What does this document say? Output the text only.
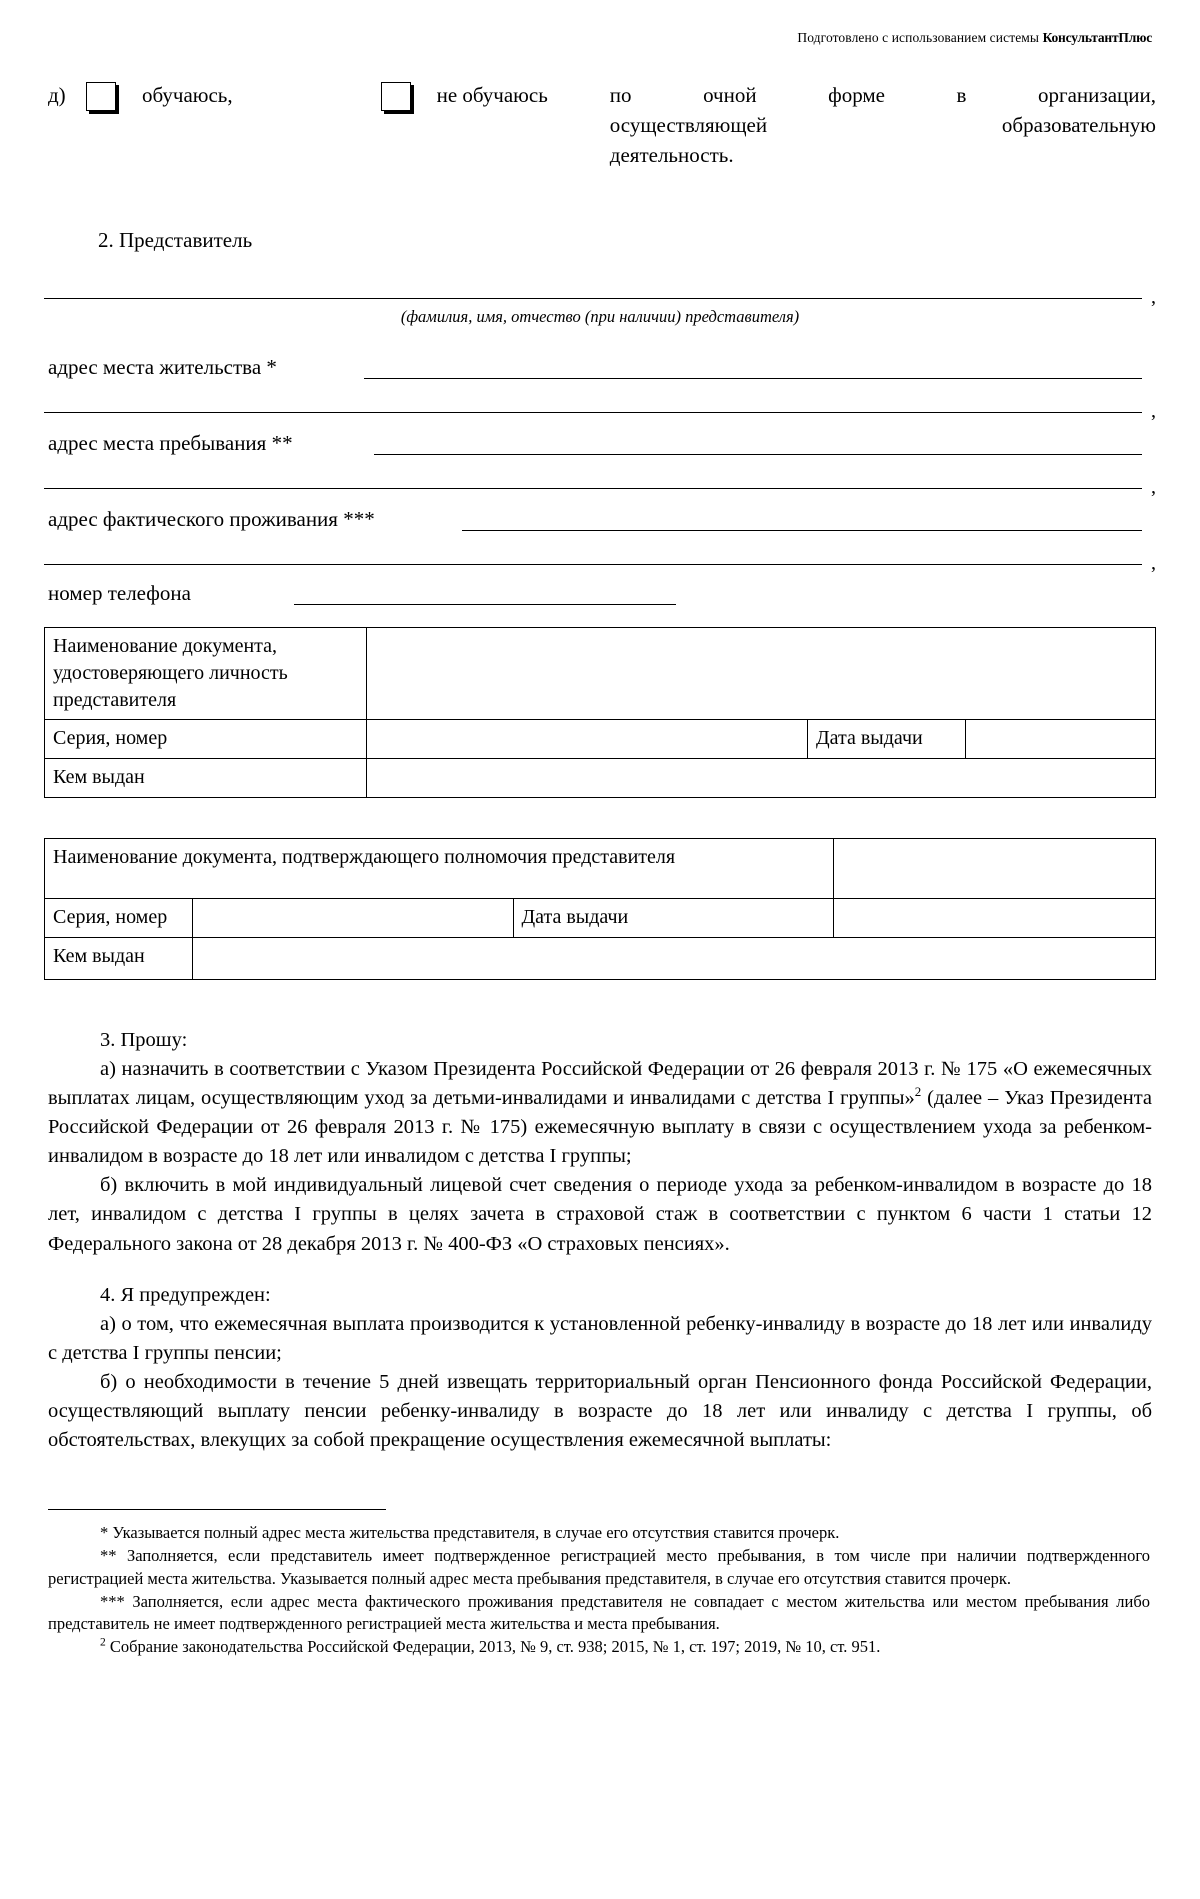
Подготовлено с использованием системы КонсультантПлюс
д)	обучаюсь,	не обучаюсь	по очной форме в организации,
осуществляющей образовательную
деятельность.
2. Представитель
,
(фамилия, имя, отчество (при наличии) представителя)
адрес места жительства *
,
адрес места пребывания **
,
адрес фактического проживания ***
,
номер телефона
Наименование документа, удостоверяющего личность представителя			
Серия, номер		Дата выдачи	
Кем выдан			
Наименование документа, подтверждающего полномочия представителя			
Серия, номер		Дата выдачи	
Кем выдан			

3. Прошу:

а) назначить в соответствии с Указом Президента Российской Федерации от 26 февраля 2013 г. № 175 «О ежемесячных выплатах лицам, осуществляющим уход за детьми-инвалидами и инвалидами с детства I группы»$^2$ (далее – Указ Президента Российской Федерации от 26 февраля 2013 г. № 175) ежемесячную выплату в связи с осуществлением ухода за ребенком-инвалидом в возрасте до 18 лет или инвалидом с детства I группы;

б) включить в мой индивидуальный лицевой счет сведения о периоде ухода за ребенком-инвалидом в возрасте до 18 лет, инвалидом с детства I группы в целях зачета в страховой стаж в соответствии с пунктом 6 части 1 статьи 12 Федерального закона от 28 декабря 2013 г. № 400-ФЗ «О страховых пенсиях».

4. Я предупрежден:

а) о том, что ежемесячная выплата производится к установленной ребенку-инвалиду в возрасте до 18 лет или инвалиду с детства I группы пенсии;

б) о необходимости в течение 5 дней извещать территориальный орган Пенсионного фонда Российской Федерации, осуществляющий выплату пенсии ребенку-инвалиду в возрасте до 18 лет или инвалиду с детства I группы, об обстоятельствах, влекущих за собой прекращение осуществления ежемесячной выплаты:

* Указывается полный адрес места жительства представителя, в случае его отсутствия ставится прочерк.

** Заполняется, если представитель имеет подтвержденное регистрацией место пребывания, в том числе при наличии подтвержденного регистрацией места жительства. Указывается полный адрес места пребывания представителя, в случае его отсутствия ставится прочерк.

*** Заполняется, если адрес места фактического проживания представителя не совпадает с местом жительства или местом пребывания либо представитель не имеет подтвержденного регистрацией места жительства и места пребывания.

$^2$ Собрание законодательства Российской Федерации, 2013, № 9, ст. 938; 2015, № 1, ст. 197; 2019, № 10, ст. 951.
